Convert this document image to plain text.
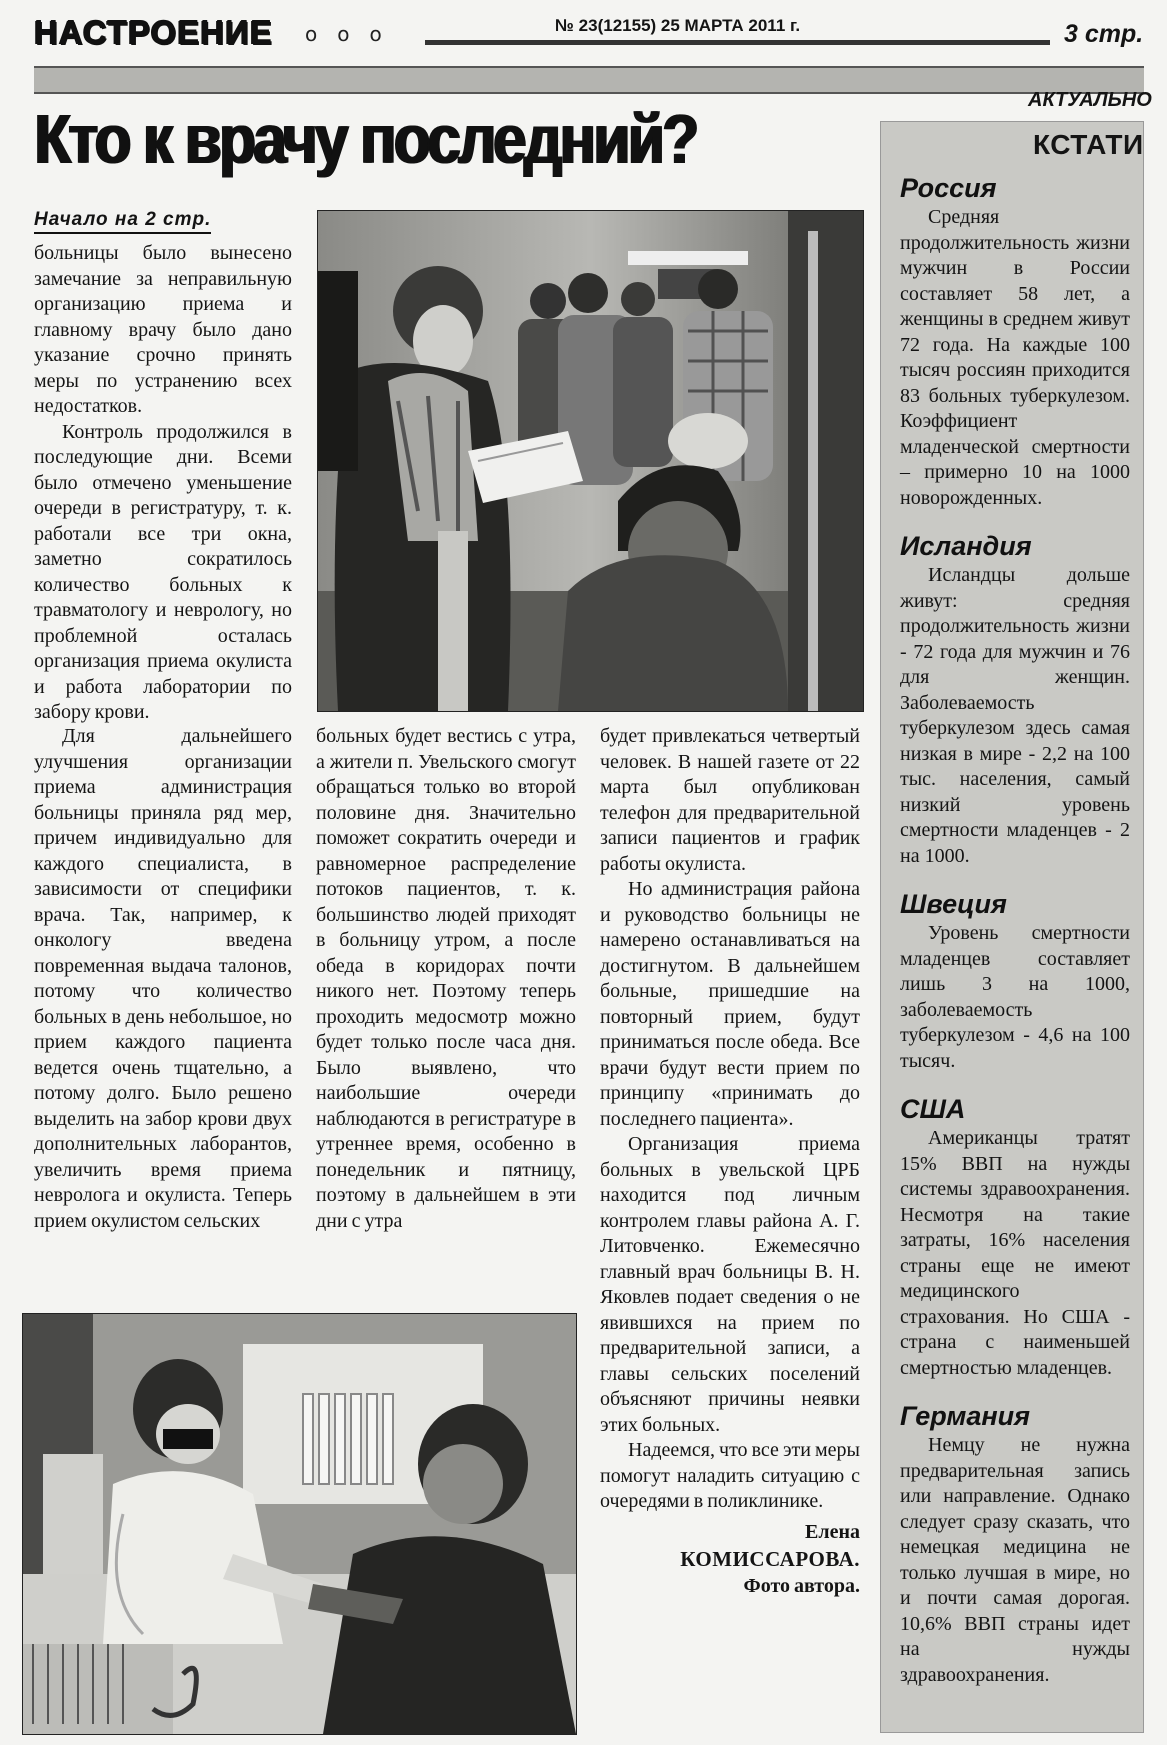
НАСТРОЕНИЕ ooo	№ 23(12155) 25 МАРТА 2011 г.	3 стр.
АКТУАЛЬНО
Кто к врачу последний?
Начало на 2 стр.

больницы было вынесено замечание за неправильную организацию приема и главному врачу было дано указание срочно принять меры по устранению всех недостатков.

Контроль продолжился в последующие дни. Всеми было отмечено уменьшение очереди в регистратуру, т. к. работали все три окна, заметно сократилось количество больных к травматологу и неврологу, но проблемной осталась организация приема окулиста и работа лаборатории по забору крови.

Для дальнейшего улучшения организации приема администрация больницы приняла ряд мер, причем индивидуально для каждого специалиста, в зависимости от специфики врача. Так, например, к онкологу введена повременная выдача талонов, потому что количество больных в день небольшое, но прием каждого пациента ведется очень тщательно, а потому долго. Было решено выделить на забор крови двух дополнительных лаборантов, увеличить время приема невролога и окулиста. Теперь прием окулистом сельских

больных будет вестись с утра, а жители п. Увельского смогут обращаться только во второй половине дня. Значительно поможет сократить очереди и равномерное распределение потоков пациентов, т. к. большинство людей приходят в больницу утром, а после обеда в коридорах почти никого нет. Поэтому теперь проходить медосмотр можно будет только после часа дня. Было выявлено, что наибольшие очереди наблюдаются в регистратуре в утреннее время, особенно в понедельник и пятницу, поэтому в дальнейшем в эти дни с утра

будет привлекаться четвертый человек. В нашей газете от 22 марта был опубликован телефон для предварительной записи пациентов и график работы окулиста.

Но администрация района и руководство больницы не намерено останавливаться на достигнутом. В дальнейшем больные, пришедшие на повторный прием, будут приниматься после обеда. Все врачи будут вести прием по принципу «принимать до последнего пациента».

Организация приема больных в увельской ЦРБ находится под личным контролем главы района А. Г. Литовченко. Ежемесячно главный врач больницы В. Н. Яковлев подает сведения о не явившихся на прием по предварительной записи, а главы сельских поселений объясняют причины неявки этих больных.

Надеемся, что все эти меры помогут наладить ситуацию с очередями в поликлинике.

Елена
КОМИССАРОВА.
Фото автора.
КСТАТИ
Россия

Средняя продолжительность жизни мужчин в России составляет 58 лет, а женщины в среднем живут 72 года. На каждые 100 тысяч россиян приходится 83 больных туберкулезом. Коэффициент младенческой смертности – примерно 10 на 1000 новорожденных.

Исландия

Исландцы дольше живут: средняя продолжительность жизни - 72 года для мужчин и 76 для женщин. Заболеваемость туберкулезом здесь самая низкая в мире - 2,2 на 100 тыс. населения, самый низкий уровень смертности младенцев - 2 на 1000.

Швеция

Уровень смертности младенцев составляет лишь 3 на 1000, заболеваемость туберкулезом - 4,6 на 100 тысяч.

США

Американцы тратят 15% ВВП на нужды системы здравоохранения. Несмотря на такие затраты, 16% населения страны еще не имеют медицинского страхования. Но США - страна с наименьшей смертностью младенцев.

Германия

Немцу не нужна предварительная запись или направление. Однако следует сразу сказать, что немецкая медицина не только лучшая в мире, но и почти самая дорогая. 10,6% ВВП страны идет на нужды здравоохранения.
